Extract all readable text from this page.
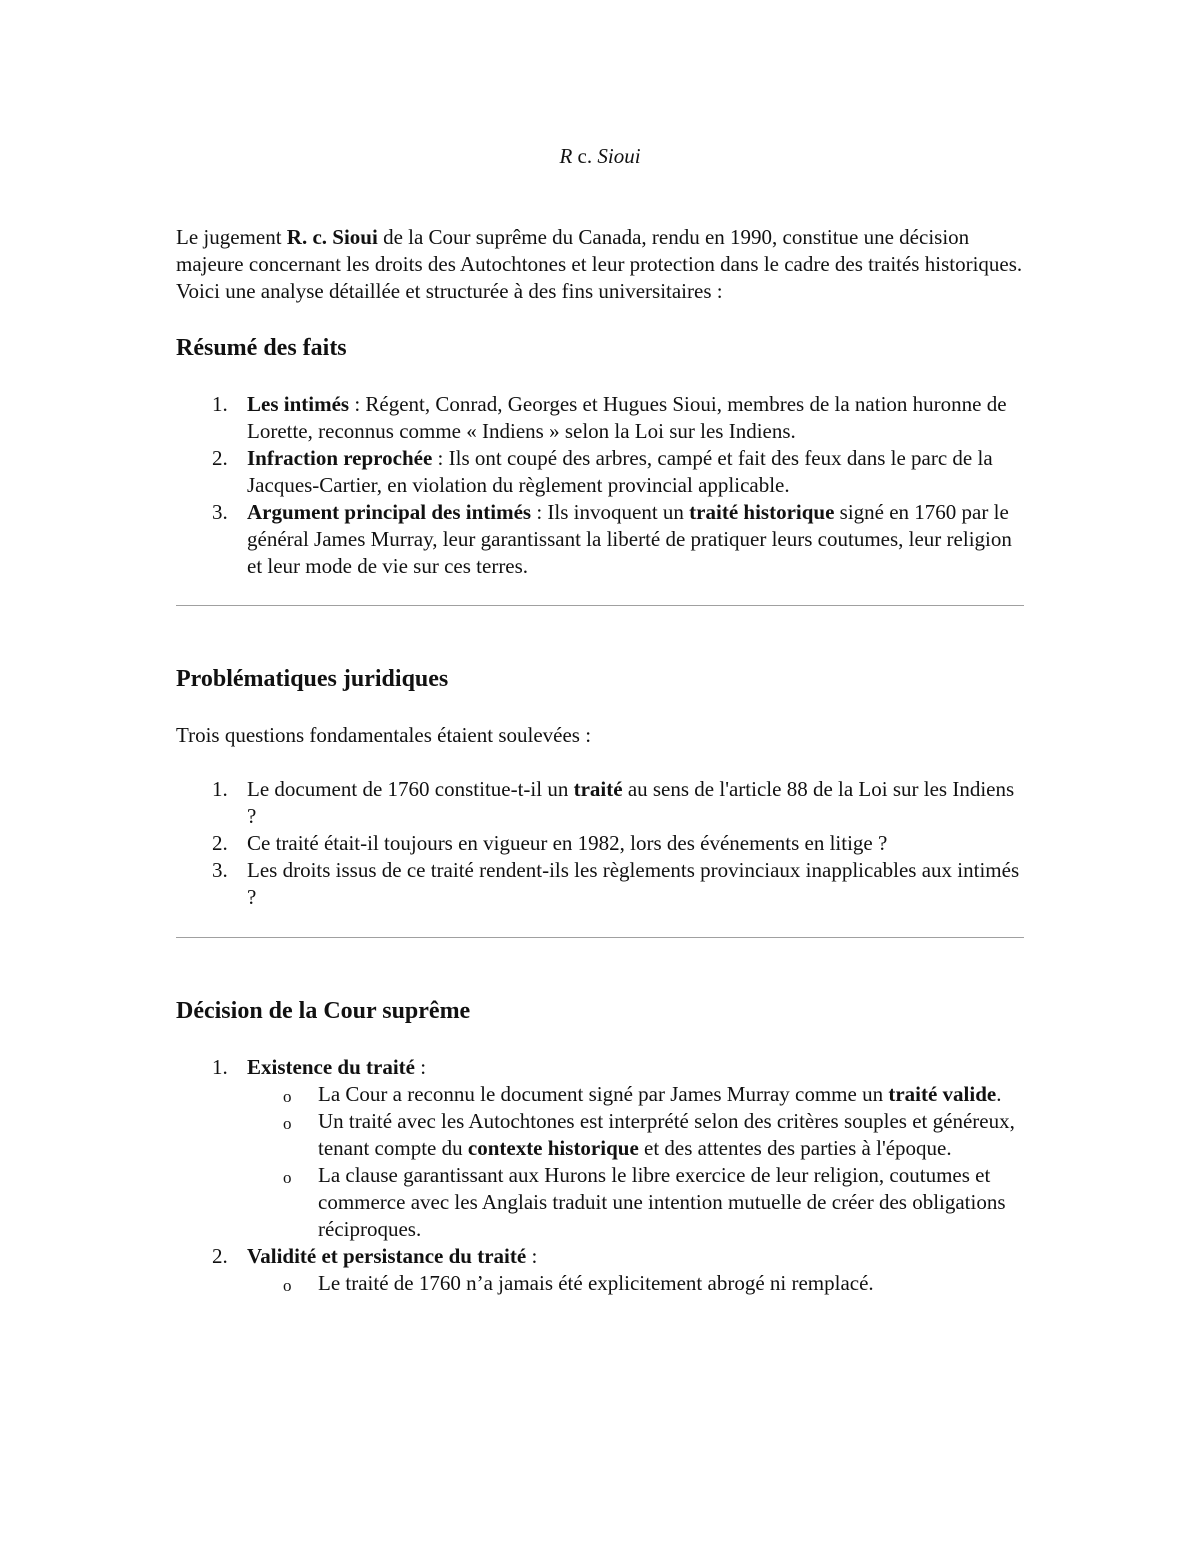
R c. Sioui

Le jugement R. c. Sioui de la Cour suprême du Canada, rendu en 1990, constitue une décision majeure concernant les droits des Autochtones et leur protection dans le cadre des traités historiques. Voici une analyse détaillée et structurée à des fins universitaires :

Résumé des faits
1. Les intimés : Régent, Conrad, Georges et Hugues Sioui, membres de la nation huronne de Lorette, reconnus comme « Indiens » selon la Loi sur les Indiens.
2. Infraction reprochée : Ils ont coupé des arbres, campé et fait des feux dans le parc de la Jacques-Cartier, en violation du règlement provincial applicable.
3. Argument principal des intimés : Ils invoquent un traité historique signé en 1760 par le général James Murray, leur garantissant la liberté de pratiquer leurs coutumes, leur religion et leur mode de vie sur ces terres.
Problématiques juridiques

Trois questions fondamentales étaient soulevées :

1. Le document de 1760 constitue-t-il un traité au sens de l'article 88 de la Loi sur les Indiens ?
2. Ce traité était-il toujours en vigueur en 1982, lors des événements en litige ?
3. Les droits issus de ce traité rendent-ils les règlements provinciaux inapplicables aux intimés ?
Décision de la Cour suprême
1. Existence du traité :
o La Cour a reconnu le document signé par James Murray comme un traité valide.
o Un traité avec les Autochtones est interprété selon des critères souples et généreux, tenant compte du contexte historique et des attentes des parties à l'époque.
o La clause garantissant aux Hurons le libre exercice de leur religion, coutumes et commerce avec les Anglais traduit une intention mutuelle de créer des obligations réciproques.
2. Validité et persistance du traité :
o Le traité de 1760 n’a jamais été explicitement abrogé ni remplacé.
